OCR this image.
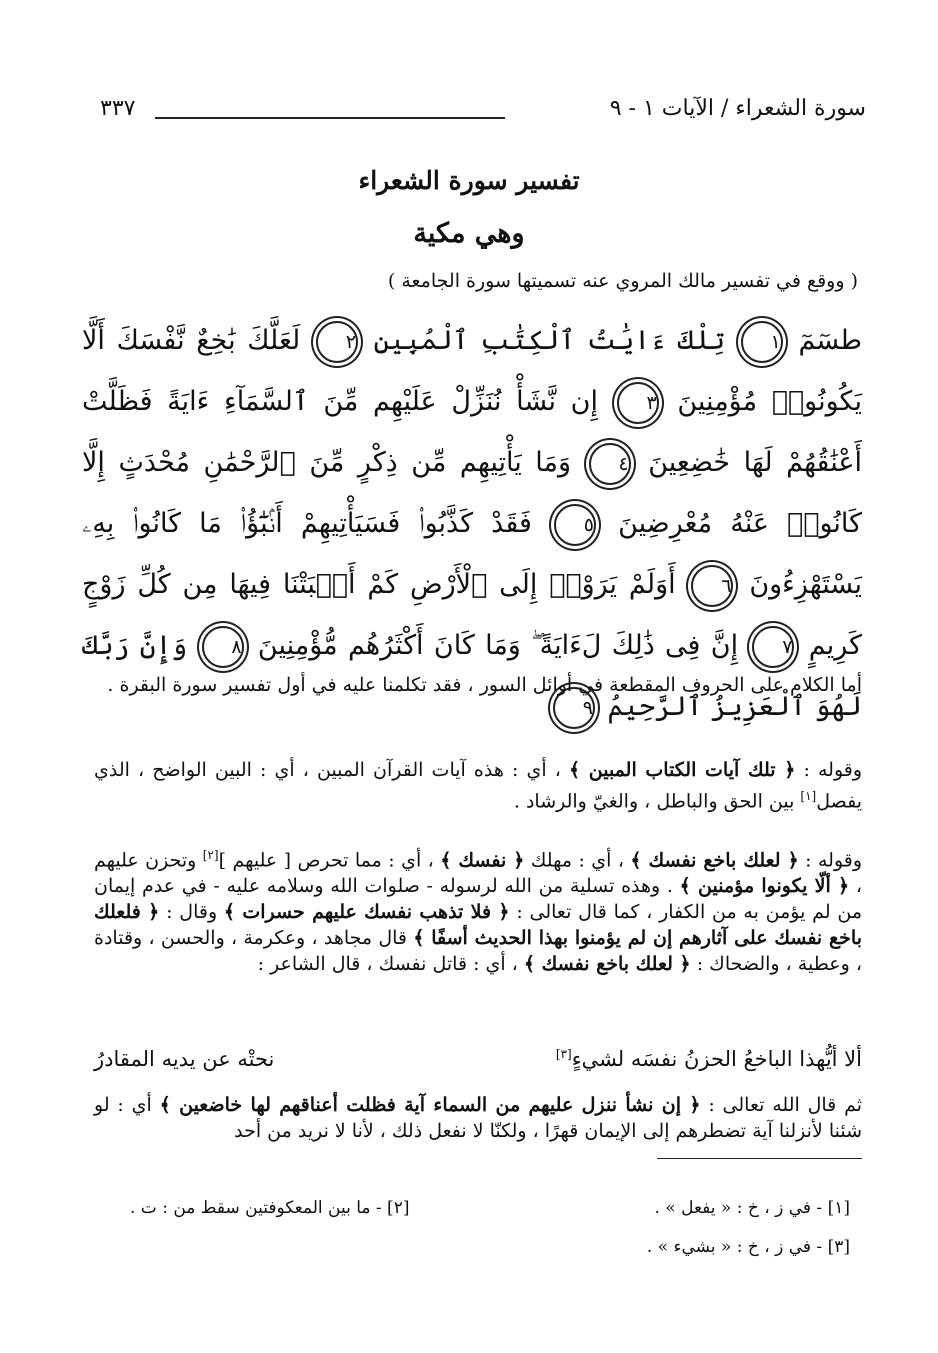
سورة الشعراء / الآيات ١ - ٩
٣٣٧
تفسير سورة الشعراء
وهي مكية
( ووقع في تفسير مالك المروي عنه تسميتها سورة الجامعة )
طسٓمٓ ١ تِلْكَ ءَايَٰتُ ٱلْكِتَٰبِ ٱلْمُبِينِ ٢ لَعَلَّكَ بَٰخِعٌ نَّفْسَكَ أَلَّا يَكُونُوا۟ مُؤْمِنِينَ ٣ إِن نَّشَأْ نُنَزِّلْ عَلَيْهِم مِّنَ ٱلسَّمَآءِ ءَايَةً فَظَلَّتْ أَعْنَٰقُهُمْ لَهَا خَٰضِعِينَ ٤ وَمَا يَأْتِيهِم مِّن ذِكْرٍ مِّنَ ٱلرَّحْمَٰنِ مُحْدَثٍ إِلَّا كَانُوا۟ عَنْهُ مُعْرِضِينَ ٥ فَقَدْ كَذَّبُوا۟ فَسَيَأْتِيهِمْ أَنۢبَٰٓؤُا۟ مَا كَانُوا۟ بِهِۦ يَسْتَهْزِءُونَ ٦ أَوَلَمْ يَرَوْا۟ إِلَى ٱلْأَرْضِ كَمْ أَنۢبَتْنَا فِيهَا مِن كُلِّ زَوْجٍ كَرِيمٍ ٧ إِنَّ فِى ذَٰلِكَ لَءَايَةً ۖ وَمَا كَانَ أَكْثَرُهُم مُّؤْمِنِينَ ٨ وَإِنَّ رَبَّكَ لَهُوَ ٱلْعَزِيزُ ٱلرَّحِيمُ ٩
أما الكلام على الحروف المقطعة في أوائل السور ، فقد تكلمنا عليه في أول تفسير سورة البقرة .
وقوله : ﴿ تلك آيات الكتاب المبين ﴾ ، أي : هذه آيات القرآن المبين ، أي : البين الواضح ، الذي يفصل[١] بين الحق والباطل ، والغيّ والرشاد .
وقوله : ﴿ لعلك باخع نفسك ﴾ ، أي : مهلك ﴿ نفسك ﴾ ، أي : مما تحرص [ عليهم ][٢] وتحزن عليهم ، ﴿ ألّا يكونوا مؤمنين ﴾ . وهذه تسلية من الله لرسوله - صلوات الله وسلامه عليه - في عدم إيمان من لم يؤمن به من الكفار ، كما قال تعالى : ﴿ فلا تذهب نفسك عليهم حسرات ﴾ وقال : ﴿ فلعلك باخع نفسك على آثارهم إن لم يؤمنوا بهذا الحديث أسفًا ﴾ قال مجاهد ، وعكرمة ، والحسن ، وقتادة ، وعطية ، والضحاك : ﴿ لعلك باخع نفسك ﴾ ، أي : قاتل نفسك ، قال الشاعر :
ألا أيُّهذا الباخعُ الحزنُ نفسَه لشيءٍ[٣]
نحتْه عن يديه المقادرُ
ثم قال الله تعالى : ﴿ إن نشأ ننزل عليهم من السماء آية فظلت أعناقهم لها خاضعين ﴾ أي : لو شئنا لأنزلنا آية تضطرهم إلى الإيمان قهرًا ، ولكنّا لا نفعل ذلك ، لأنا لا نريد من أحد
[١] - في ز ، خ : « يفعل » .
[٢] - ما بين المعكوفتين سقط من : ت .
[٣] - في ز ، خ : « بشيء » .
